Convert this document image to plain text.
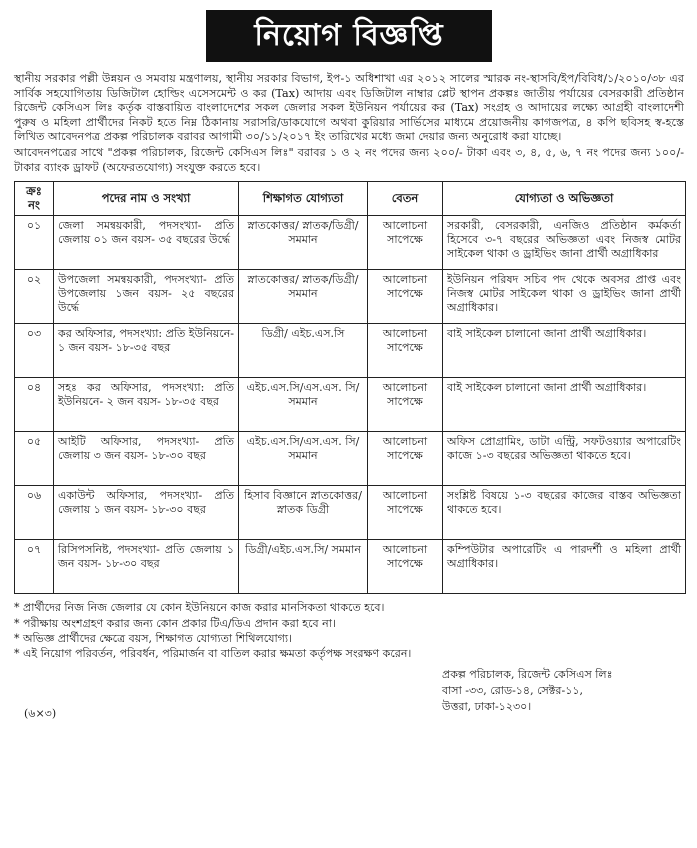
নিয়োগ বিজ্ঞপ্তি

স্থানীয় সরকার পল্লী উন্নয়ন ও সমবায় মন্ত্রণালয়, স্থানীয় সরকার বিভাগ, ইপ-১ অধিশাখা এর ২০১২ সালের স্মারক নং-স্থাসবি/ইপ/বিবিধ/১/২০১০/৩৮ এর সার্বিক সহযোগিতায় ডিজিটাল হোল্ডিং এসেসমেন্ট ও কর (Tax) আদায় এবং ডিজিটাল নাম্বার প্লেট স্থাপন প্রকল্পঃ জাতীয় পর্যায়ের বেসরকারী প্রতিষ্ঠান রিজেন্ট কেসিএস লিঃ কর্তৃক বাস্তবায়িত বাংলাদেশের সকল জেলার সকল ইউনিয়ন পর্যায়ের কর (Tax) সংগ্রহ ও আদায়ের লক্ষ্যে আগ্রহী বাংলাদেশী পুরুষ ও মহিলা প্রার্থীদের নিকট হতে নিম্ন ঠিকানায় সরাসরি/ডাকযোগে অথবা কুরিয়ার সার্ভিসের মাধ্যমে প্রয়োজনীয় কাগজপত্র, ৪ কপি ছবিসহ স্ব-হস্তে লিখিত আবেদনপত্র প্রকল্প পরিচালক বরাবর আগামী ৩০/১১/২০১৭ ইং তারিখের মধ্যে জমা দেয়ার জন্য অনুরোধ করা যাচ্ছে।

আবেদনপত্রের সাথে "প্রকল্প পরিচালক, রিজেন্ট কেসিএস লিঃ" বরাবর ১ ও ২ নং পদের জন্য ২০০/- টাকা এবং ৩, ৪, ৫, ৬, ৭ নং পদের জন্য ১০০/- টাকার ব্যাংক ড্রাফট (অফেরতযোগ্য) সংযুক্ত করতে হবে।

ক্রঃ নং	পদের নাম ও সংখ্যা	শিক্ষাগত যোগ্যতা	বেতন	যোগ্যতা ও অভিজ্ঞতা
০১	জেলা সমন্বয়কারী, পদসংখ্যা- প্রতি জেলায় ০১ জন বয়স- ৩৫ বছরের উর্দ্ধে	স্নাতকোত্তর/ স্নাতক/ডিগ্রী/সমমান	আলোচনা সাপেক্ষে	সরকারী, বেসরকারী, এনজিও প্রতিষ্ঠান কর্মকর্তা হিসেবে ৩-৭ বছরের অভিজ্ঞতা এবং নিজস্ব মোটর সাইকেল থাকা ও ড্রাইভিং জানা প্রার্থী অগ্রাধিকার
০২	উপজেলা সমন্বয়কারী, পদসংখ্যা- প্রতি উপজেলায় ১জন বয়স- ২৫ বছরের উর্দ্ধে	স্নাতকোত্তর/ স্নাতক/ডিগ্রী/সমমান	আলোচনা সাপেক্ষে	ইউনিয়ন পরিষদ সচিব পদ থেকে অবসর প্রাপ্ত এবং নিজস্ব মোটর সাইকেল থাকা ও ড্রাইভিং জানা প্রার্থী অগ্রাধিকার।
০৩	কর অফিসার, পদসংখ্যা: প্রতি ইউনিয়নে- ১ জন বয়স- ১৮-৩৫ বছর	ডিগ্রী/ এইচ.এস.সি	আলোচনা সাপেক্ষে	বাই সাইকেল চালানো জানা প্রার্থী অগ্রাধিকার।
০৪	সহঃ কর অফিসার, পদসংখ্যা: প্রতি ইউনিয়নে- ২ জন বয়স- ১৮-৩৫ বছর	এইচ.এস.সি/এস.এস. সি/সমমান	আলোচনা সাপেক্ষে	বাই সাইকেল চালানো জানা প্রার্থী অগ্রাধিকার।
০৫	আইটি অফিসার, পদসংখ্যা- প্রতি জেলায় ৩ জন বয়স- ১৮-৩০ বছর	এইচ.এস.সি/এস.এস. সি/সমমান	আলোচনা সাপেক্ষে	অফিস প্রোগ্রামিং, ডাটা এন্ট্রি, সফটওয়্যার অপারেটিং কাজে ১-৩ বছরের অভিজ্ঞতা থাকতে হবে।
০৬	একাউন্ট অফিসার, পদসংখ্যা- প্রতি জেলায় ১ জন বয়স- ১৮-৩০ বছর	হিসাব বিজ্ঞানে স্নাতকোত্তর/ স্নাতক ডিগ্রী	আলোচনা সাপেক্ষে	সংশ্লিষ্ট বিষয়ে ১-৩ বছরের কাজের বাস্তব অভিজ্ঞতা থাকতে হবে।
০৭	রিসিপসনিষ্ট, পদসংখ্যা- প্রতি জেলায় ১ জন বয়স- ১৮-৩০ বছর	ডিগ্রী/এইচ.এস.সি/ সমমান	আলোচনা সাপেক্ষে	কম্পিউটার অপারেটিং এ পারদর্শী ও মহিলা প্রার্থী অগ্রাধিকার।
* প্রার্থীদের নিজ নিজ জেলার যে কোন ইউনিয়নে কাজ করার মানসিকতা থাকতে হবে।
* পরীক্ষায় অংশগ্রহণ করার জন্য কোন প্রকার টিএ/ডিএ প্রদান করা হবে না।
* অভিজ্ঞ প্রার্থীদের ক্ষেত্রে বয়স, শিক্ষাগত যোগ্যতা শিথিলযোগ্য।
* এই নিয়োগ পরিবর্তন, পরিবর্ধন, পরিমার্জন বা বাতিল করার ক্ষমতা কর্তৃপক্ষ সংরক্ষণ করেন।
(৬×৩)
প্রকল্প পরিচালক, রিজেন্ট কেসিএস লিঃ
বাসা -৩৩, রোড-১৪, সেক্টর-১১,
উত্তরা, ঢাকা-১২৩০।
